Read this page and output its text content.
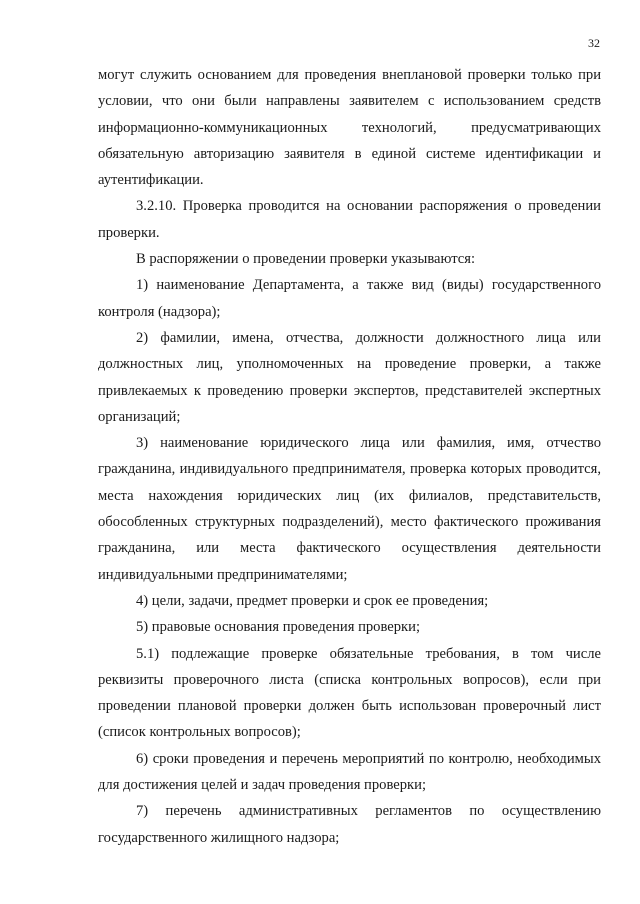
32

могут служить основанием для проведения внеплановой проверки только при условии, что они были направлены заявителем с использованием средств информационно-коммуникационных технологий, предусматривающих обязательную авторизацию заявителя в единой системе идентификации и аутентификации.

3.2.10. Проверка проводится на основании распоряжения о проведении проверки.

В распоряжении о проведении проверки указываются:

1) наименование Департамента, а также вид (виды) государственного контроля (надзора);

2) фамилии, имена, отчества, должности должностного лица или должностных лиц, уполномоченных на проведение проверки, а также привлекаемых к проведению проверки экспертов, представителей экспертных организаций;

3) наименование юридического лица или фамилия, имя, отчество гражданина, индивидуального предпринимателя, проверка которых проводится, места нахождения юридических лиц (их филиалов, представительств, обособленных структурных подразделений), место фактического проживания гражданина, или места фактического осуществления деятельности индивидуальными предпринимателями;

4) цели, задачи, предмет проверки и срок ее проведения;

5) правовые основания проведения проверки;

5.1) подлежащие проверке обязательные требования, в том числе реквизиты проверочного листа (списка контрольных вопросов), если при проведении плановой проверки должен быть использован проверочный лист (список контрольных вопросов);

6) сроки проведения и перечень мероприятий по контролю, необходимых для достижения целей и задач проведения проверки;

7) перечень административных регламентов по осуществлению государственного жилищного надзора;
